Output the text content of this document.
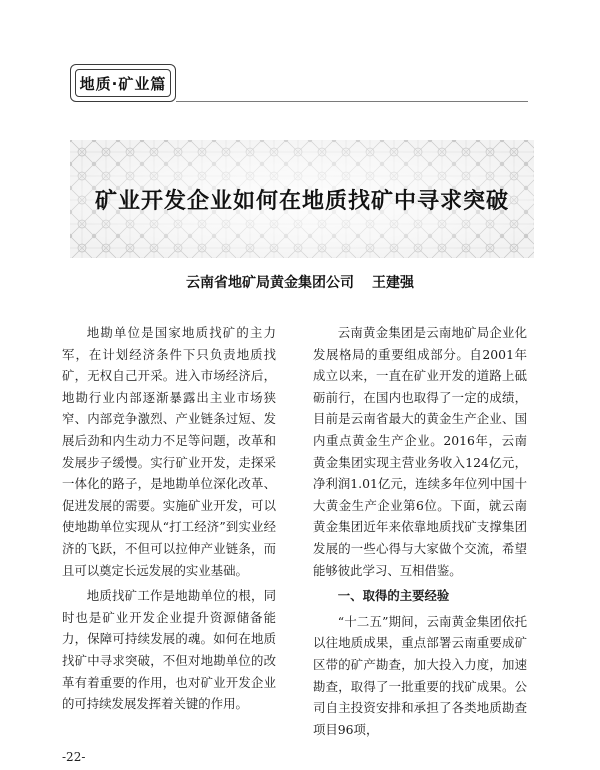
地质·矿业篇
矿业开发企业如何在地质找矿中寻求突破
云南省地矿局黄金集团公司 王建强

地勘单位是国家地质找矿的主力军，在计划经济条件下只负责地质找矿，无权自己开采。进入市场经济后，地勘行业内部逐渐暴露出主业市场狭窄、内部竞争激烈、产业链条过短、发展后劲和内生动力不足等问题，改革和发展步子缓慢。实行矿业开发，走探采一体化的路子，是地勘单位深化改革、促进发展的需要。实施矿业开发，可以使地勘单位实现从“打工经济”到实业经济的飞跃，不但可以拉伸产业链条，而且可以奠定长远发展的实业基础。

地质找矿工作是地勘单位的根，同时也是矿业开发企业提升资源储备能力，保障可持续发展的魂。如何在地质找矿中寻求突破，不但对地勘单位的改革有着重要的作用，也对矿业开发企业的可持续发展发挥着关键的作用。

云南黄金集团是云南地矿局企业化发展格局的重要组成部分。自2001年成立以来，一直在矿业开发的道路上砥砺前行，在国内也取得了一定的成绩，目前是云南省最大的黄金生产企业、国内重点黄金生产企业。2016年，云南黄金集团实现主营业务收入124亿元，净利润1.01亿元，连续多年位列中国十大黄金生产企业第6位。下面，就云南黄金集团近年来依靠地质找矿支撑集团发展的一些心得与大家做个交流，希望能够彼此学习、互相借鉴。

一、取得的主要经验

“十二五”期间，云南黄金集团依托以往地质成果，重点部署云南重要成矿区带的矿产勘查，加大投入力度，加速勘查，取得了一批重要的找矿成果。公司自主投资安排和承担了各类地质勘查项目96项，

-22-
